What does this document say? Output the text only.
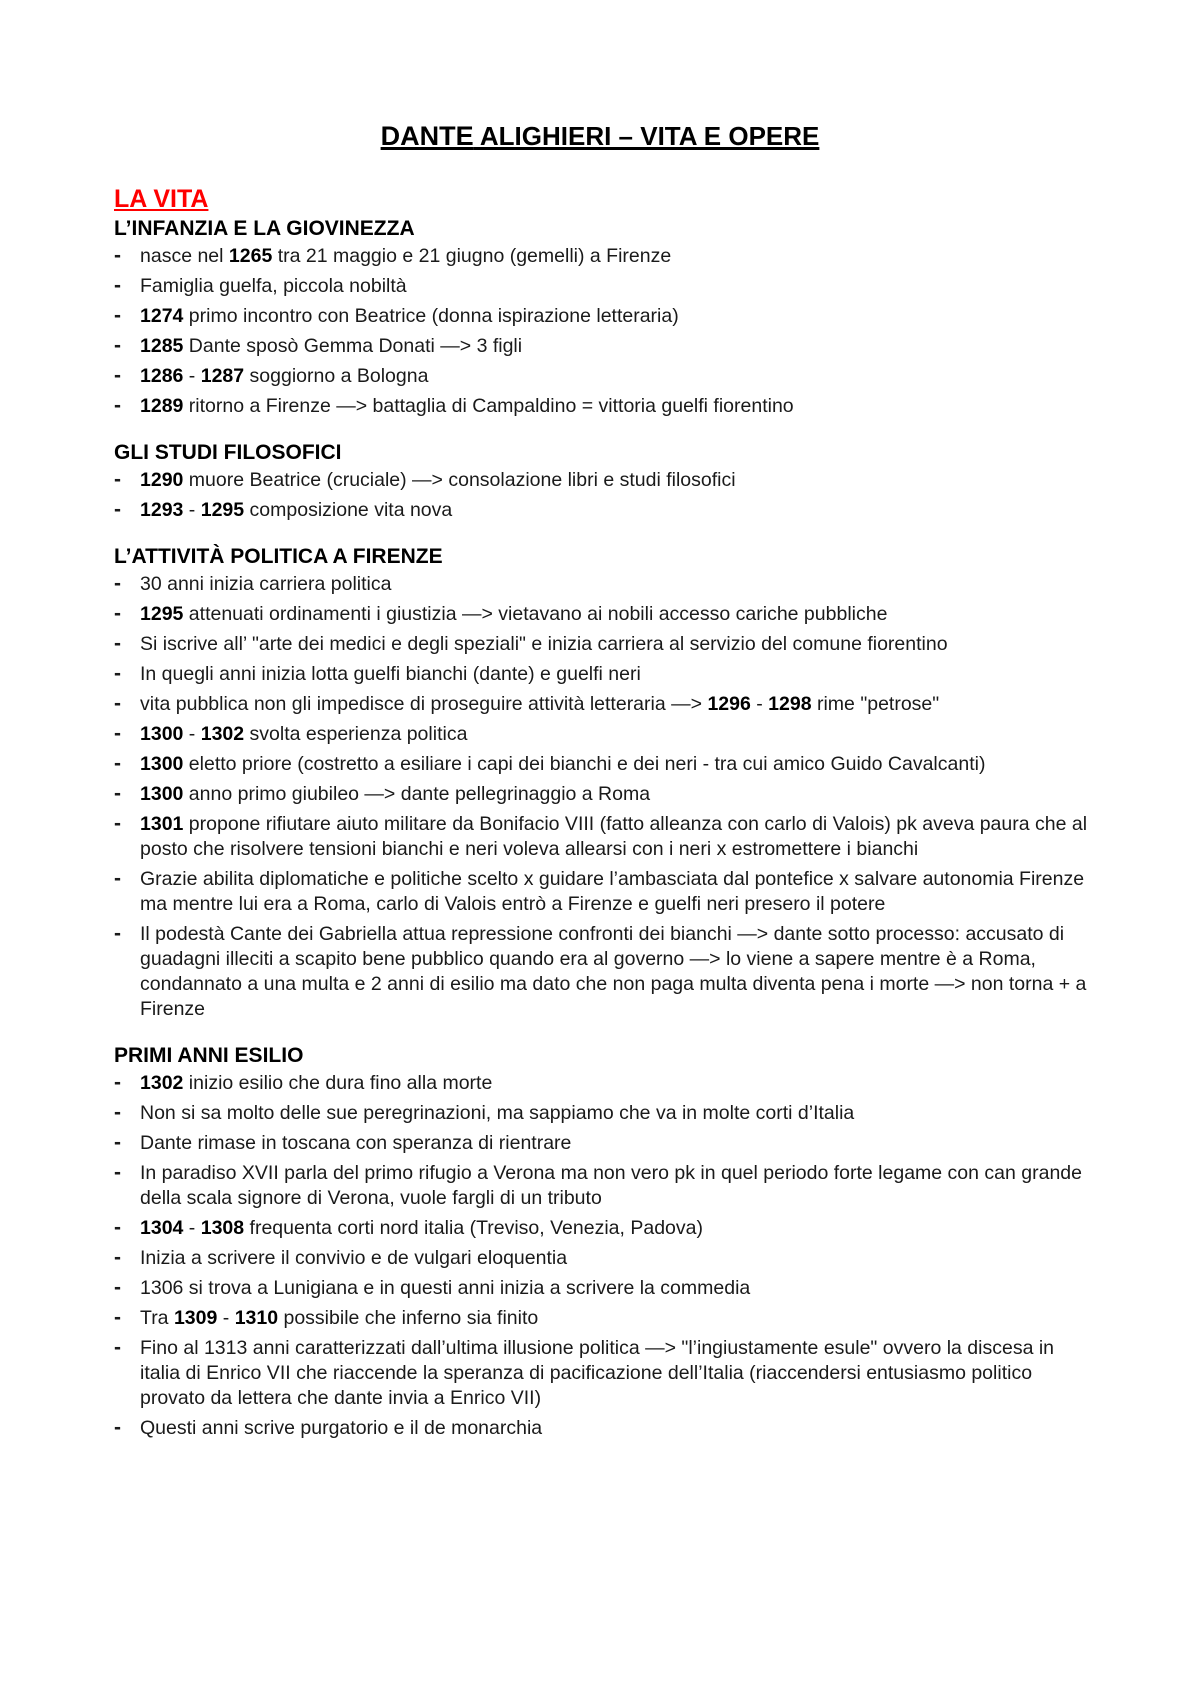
DANTE ALIGHIERI – VITA E OPERE
LA VITA
L’INFANZIA E LA GIOVINEZZA
- nasce nel 1265 tra 21 maggio e 21 giugno (gemelli) a Firenze
- Famiglia guelfa, piccola nobiltà
- 1274 primo incontro con Beatrice (donna ispirazione letteraria)
- 1285 Dante sposò Gemma Donati —> 3 figli
- 1286 - 1287 soggiorno a Bologna
- 1289 ritorno a Firenze —> battaglia di Campaldino = vittoria guelfi fiorentino
GLI STUDI FILOSOFICI
- 1290 muore Beatrice (cruciale) —> consolazione libri e studi filosofici
- 1293 - 1295 composizione vita nova
L’ATTIVITÀ POLITICA A FIRENZE
- 30 anni inizia carriera politica
- 1295 attenuati ordinamenti i giustizia —> vietavano ai nobili accesso cariche pubbliche
- Si iscrive all’ "arte dei medici e degli speziali" e inizia carriera al servizio del comune fiorentino
- In quegli anni inizia lotta guelfi bianchi (dante) e guelfi neri
- vita pubblica non gli impedisce di proseguire attività letteraria —> 1296 - 1298 rime "petrose"
- 1300 - 1302 svolta esperienza politica
- 1300 eletto priore (costretto a esiliare i capi dei bianchi e dei neri - tra cui amico Guido Cavalcanti)
- 1300 anno primo giubileo —> dante pellegrinaggio a Roma
- 1301 propone rifiutare aiuto militare da Bonifacio VIII (fatto alleanza con carlo di Valois) pk aveva paura che al posto che risolvere tensioni bianchi e neri voleva allearsi con i neri x estromettere i bianchi
- Grazie abilita diplomatiche e politiche scelto x guidare l’ambasciata dal pontefice x salvare autonomia Firenze ma mentre lui era a Roma, carlo di Valois entrò a Firenze e guelfi neri presero il potere
- Il podestà Cante dei Gabriella attua repressione confronti dei bianchi —> dante sotto processo: accusato di guadagni illeciti a scapito bene pubblico quando era al governo —> lo viene a sapere mentre è a Roma, condannato a una multa e 2 anni di esilio ma dato che non paga multa diventa pena i morte —> non torna + a Firenze
PRIMI ANNI ESILIO
- 1302 inizio esilio che dura fino alla morte
- Non si sa molto delle sue peregrinazioni, ma sappiamo che va in molte corti d’Italia
- Dante rimase in toscana con speranza di rientrare
- In paradiso XVII parla del primo rifugio a Verona ma non vero pk in quel periodo forte legame con can grande della scala signore di Verona, vuole fargli di un tributo
- 1304 - 1308 frequenta corti nord italia (Treviso, Venezia, Padova)
- Inizia a scrivere il convivio e de vulgari eloquentia
- 1306 si trova a Lunigiana e in questi anni inizia a scrivere la commedia
- Tra 1309 - 1310 possibile che inferno sia finito
- Fino al 1313 anni caratterizzati dall’ultima illusione politica —> "l’ingiustamente esule" ovvero la discesa in italia di Enrico VII che riaccende la speranza di pacificazione dell’Italia (riaccendersi entusiasmo politico provato da lettera che dante invia a Enrico VII)
- Questi anni scrive purgatorio e il de monarchia
